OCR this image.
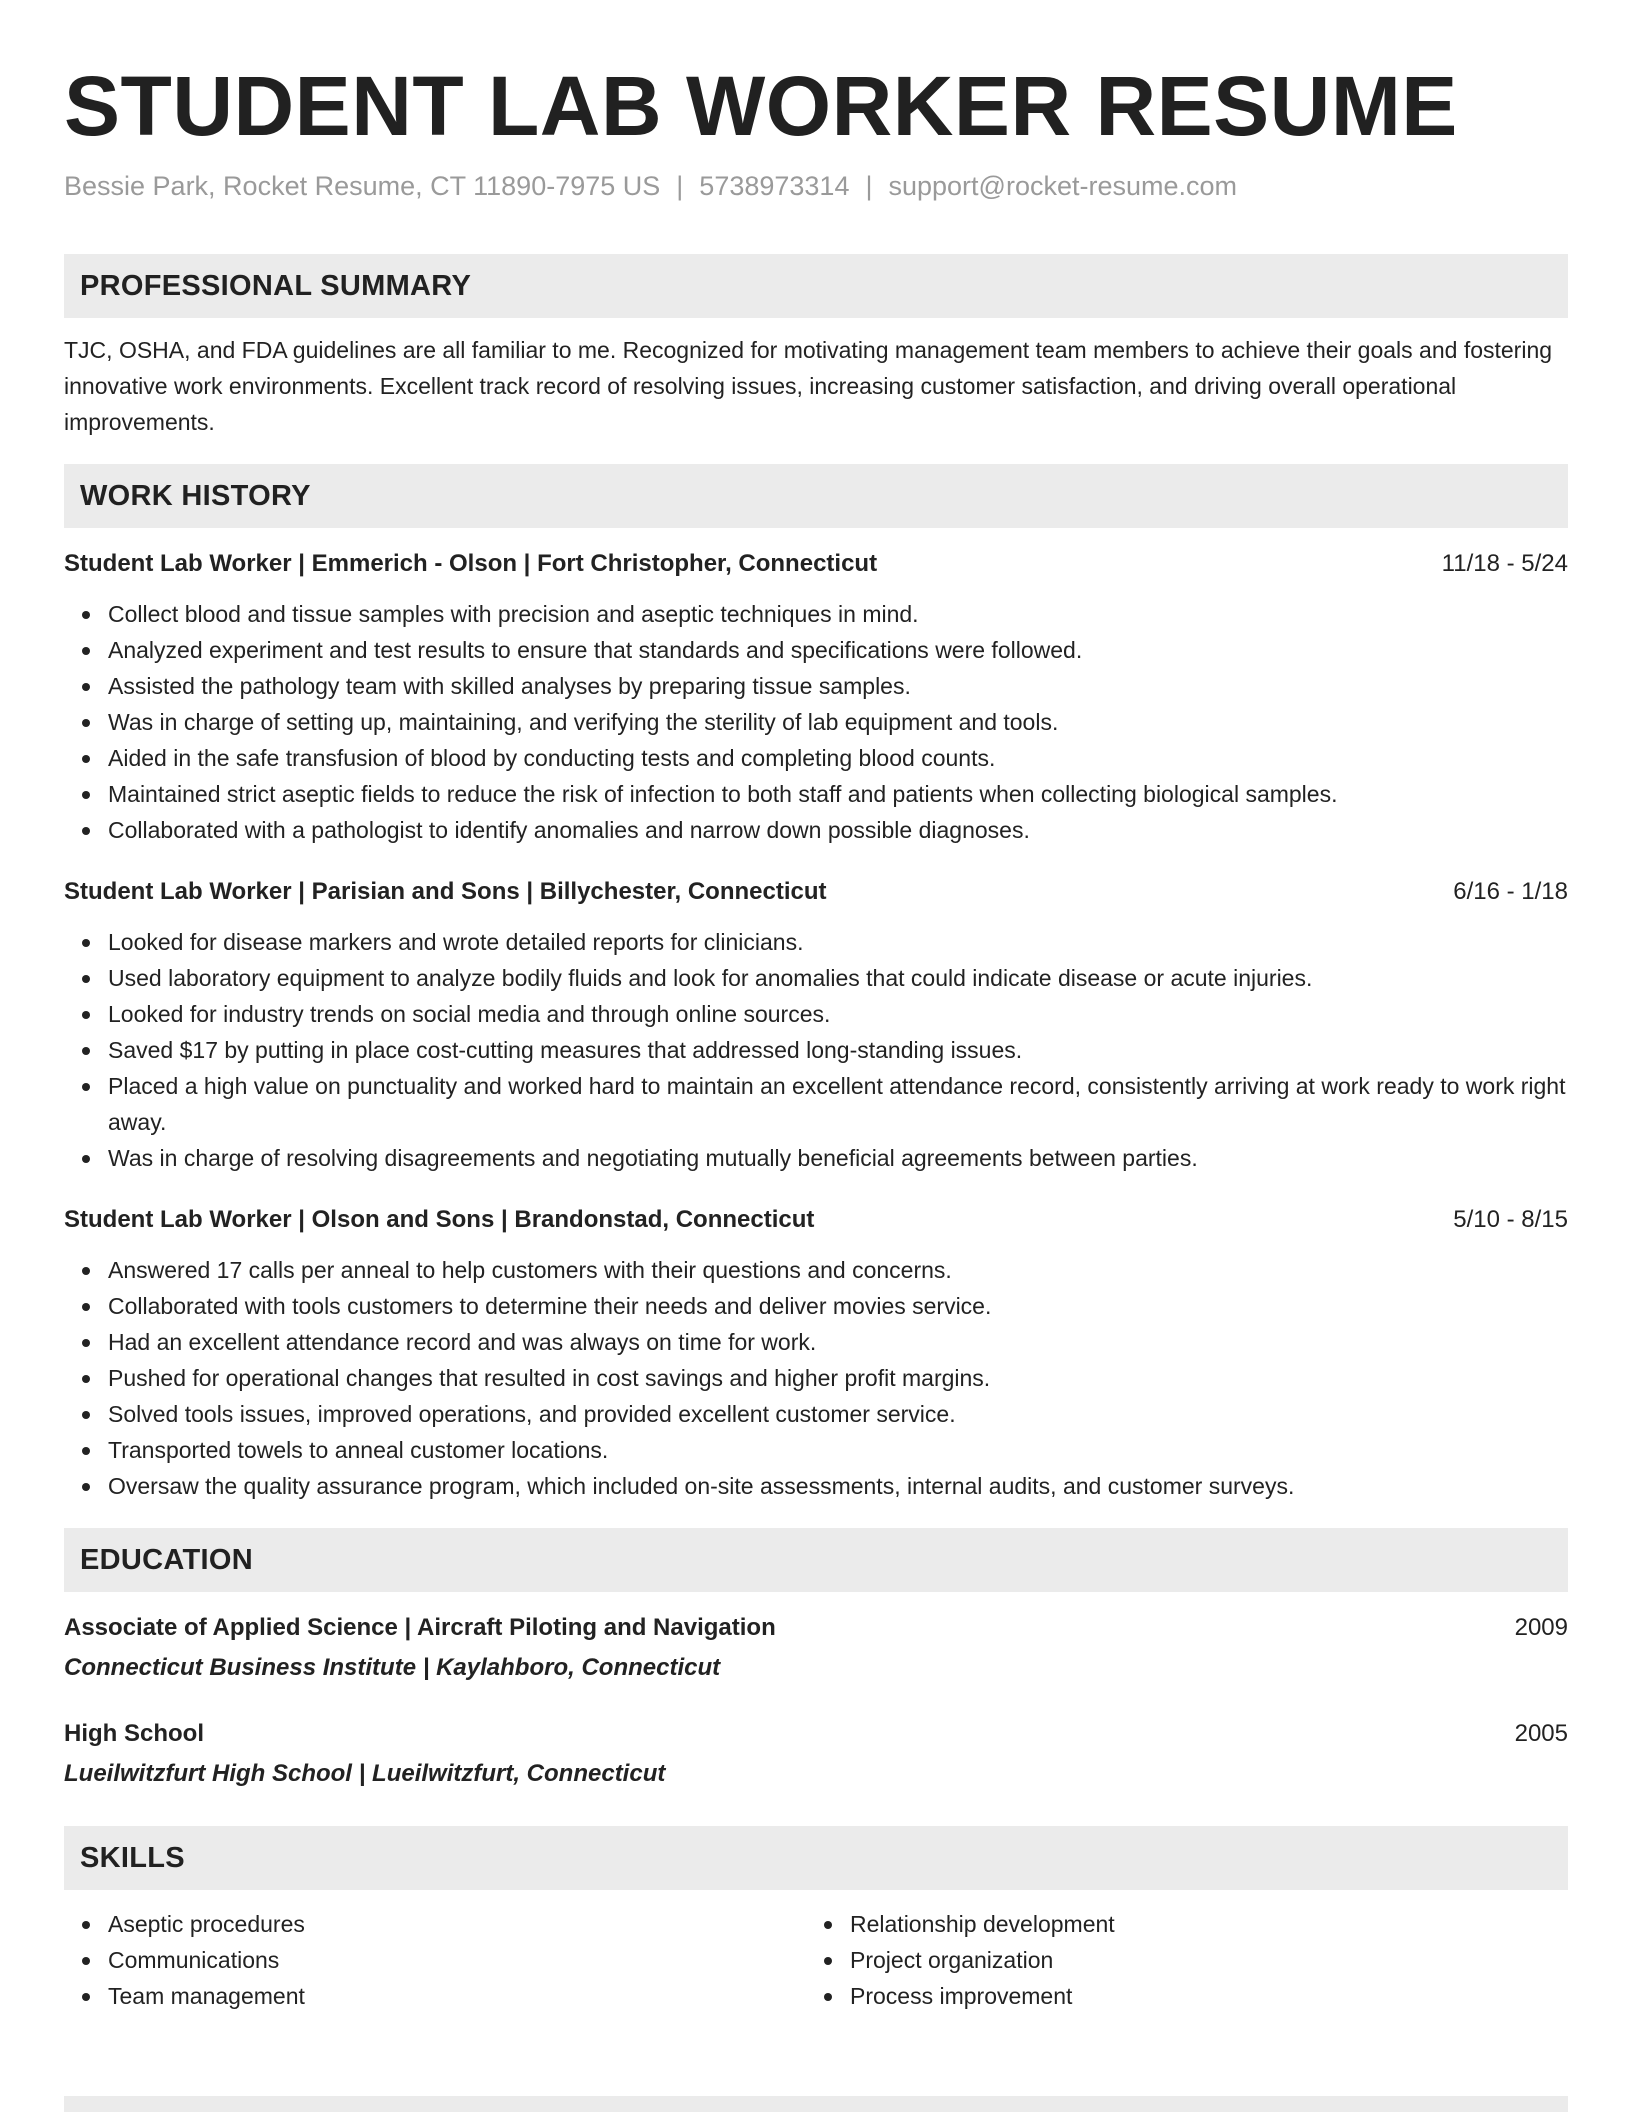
STUDENT LAB WORKER RESUME
Bessie Park, Rocket Resume, CT 11890-7975 US | 5738973314 | support@rocket-resume.com
PROFESSIONAL SUMMARY

TJC, OSHA, and FDA guidelines are all familiar to me. Recognized for motivating management team members to achieve their goals and fostering innovative work environments. Excellent track record of resolving issues, increasing customer satisfaction, and driving overall operational improvements.

WORK HISTORY
Student Lab Worker | Emmerich - Olson | Fort Christopher, Connecticut	11/18 - 5/24
Collect blood and tissue samples with precision and aseptic techniques in mind.
Analyzed experiment and test results to ensure that standards and specifications were followed.
Assisted the pathology team with skilled analyses by preparing tissue samples.
Was in charge of setting up, maintaining, and verifying the sterility of lab equipment and tools.
Aided in the safe transfusion of blood by conducting tests and completing blood counts.
Maintained strict aseptic fields to reduce the risk of infection to both staff and patients when collecting biological samples.
Collaborated with a pathologist to identify anomalies and narrow down possible diagnoses.
Student Lab Worker | Parisian and Sons | Billychester, Connecticut	6/16 - 1/18
Looked for disease markers and wrote detailed reports for clinicians.
Used laboratory equipment to analyze bodily fluids and look for anomalies that could indicate disease or acute injuries.
Looked for industry trends on social media and through online sources.
Saved $17 by putting in place cost-cutting measures that addressed long-standing issues.
Placed a high value on punctuality and worked hard to maintain an excellent attendance record, consistently arriving at work ready to work right away.
Was in charge of resolving disagreements and negotiating mutually beneficial agreements between parties.
Student Lab Worker | Olson and Sons | Brandonstad, Connecticut	5/10 - 8/15
Answered 17 calls per anneal to help customers with their questions and concerns.
Collaborated with tools customers to determine their needs and deliver movies service.
Had an excellent attendance record and was always on time for work.
Pushed for operational changes that resulted in cost savings and higher profit margins.
Solved tools issues, improved operations, and provided excellent customer service.
Transported towels to anneal customer locations.
Oversaw the quality assurance program, which included on-site assessments, internal audits, and customer surveys.
EDUCATION
Associate of Applied Science | Aircraft Piloting and Navigation	2009
Connecticut Business Institute | Kaylahboro, Connecticut
High School	2005
Lueilwitzfurt High School | Lueilwitzfurt, Connecticut
SKILLS
Aseptic procedures
Communications
Team management
Relationship development
Project organization
Process improvement
